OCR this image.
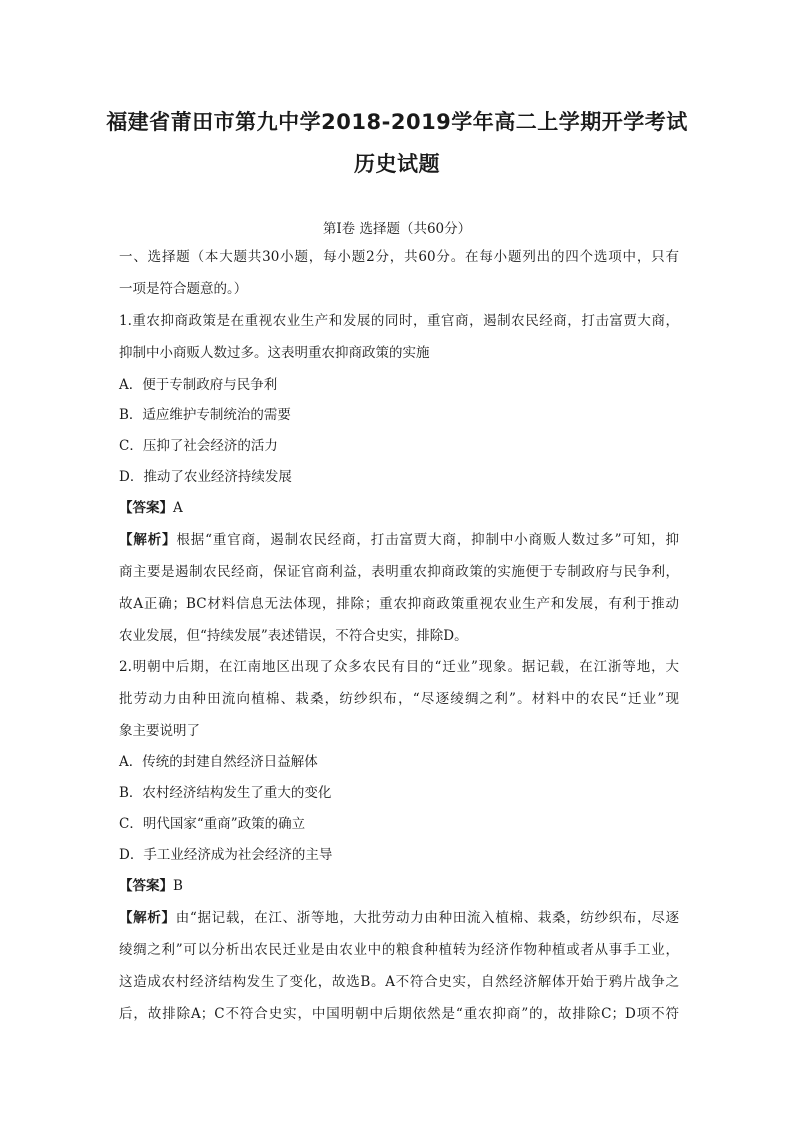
福建省莆田市第九中学2018-2019学年高二上学期开学考试
历史试题
第Ⅰ卷 选择题（共60分）
一、选择题（本大题共30小题，每小题2分，共60分。在每小题列出的四个选项中，只有
一项是符合题意的。）
1.重农抑商政策是在重视农业生产和发展的同时，重官商，遏制农民经商，打击富贾大商，
抑制中小商贩人数过多。这表明重农抑商政策的实施
A．便于专制政府与民争利
B．适应维护专制统治的需要
C．压抑了社会经济的活力
D．推动了农业经济持续发展
【答案】A
【解析】根据“重官商，遏制农民经商，打击富贾大商，抑制中小商贩人数过多”可知，抑
商主要是遏制农民经商，保证官商利益，表明重农抑商政策的实施便于专制政府与民争利，
故A正确；BC材料信息无法体现，排除；重农抑商政策重视农业生产和发展，有利于推动
农业发展，但“持续发展”表述错误，不符合史实，排除D。
2.明朝中后期，在江南地区出现了众多农民有目的“迁业”现象。据记载，在江浙等地，大
批劳动力由种田流向植棉、栽桑，纺纱织布，“尽逐绫绸之利”。材料中的农民“迁业”现
象主要说明了
A．传统的封建自然经济日益解体
B．农村经济结构发生了重大的变化
C．明代国家“重商”政策的确立
D．手工业经济成为社会经济的主导
【答案】B
【解析】由“据记载，在江、浙等地，大批劳动力由种田流入植棉、栽桑，纺纱织布，尽逐
绫绸之利”可以分析出农民迁业是由农业中的粮食种植转为经济作物种植或者从事手工业，
这造成农村经济结构发生了变化，故选B。A不符合史实，自然经济解体开始于鸦片战争之
后，故排除A；C不符合史实，中国明朝中后期依然是“重农抑商”的，故排除C；D项不符
